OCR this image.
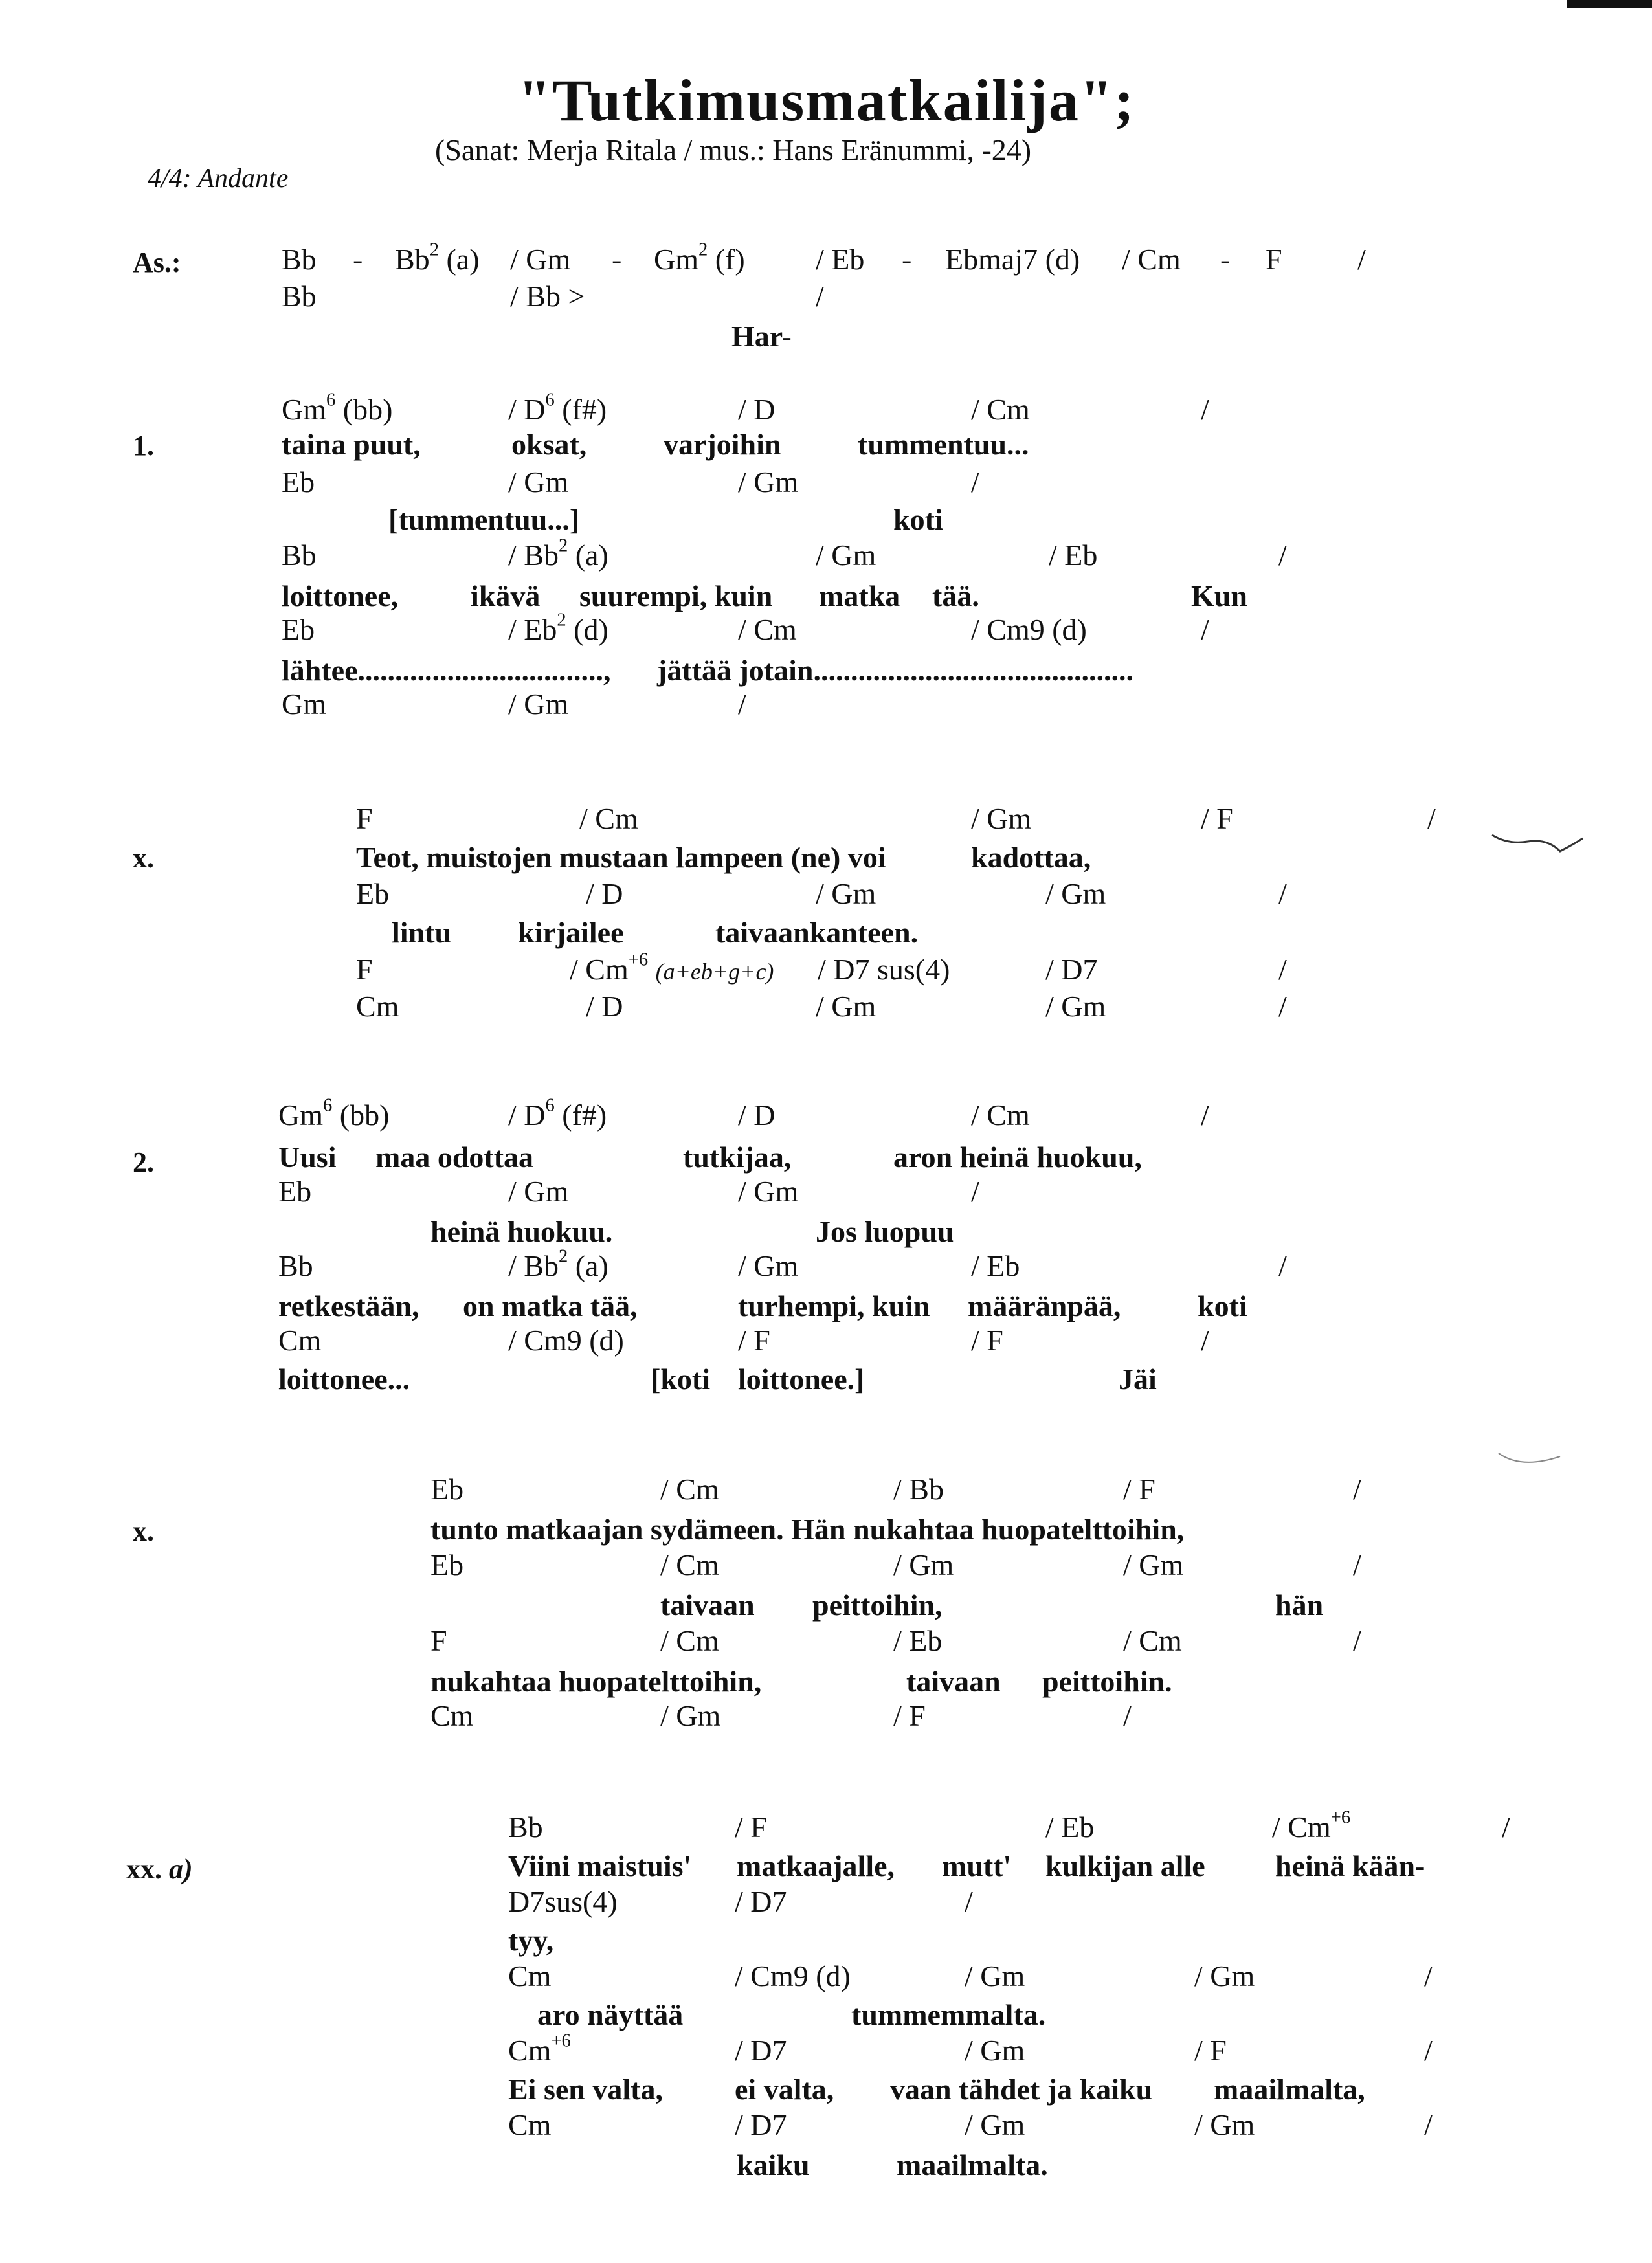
"Tutkimusmatkailija";
(Sanat: Merja Ritala / mus.: Hans Eränummi, -24)
4/4: Andante
As.:	Bb - Bb$^2$ (a) / Gm - Gm$^2$ (f) / Eb - Ebmaj7 (d) / Cm - F	/
Bb	/ Bb >	/
Har-
1.
Gm$^6$ (bb)	/ $D^6$ (f#)	/ D	/ Cm	/
taina puut,	oksat,	varjoihin	tummentuu...
Eb	/ Gm	/ Gm	/
[tummentuu...]	koti
Bb	/ Bb$^2$ (a)	/ Gm	/ Eb	/
loittonee, ikävä suurempi, kuin matka tää.	Kun
Eb	/ Eb$^2$ (d)	/ Cm	/ Cm9 (d)	/
lähtee................................., jättää jotain...........................................
Gm	/ Gm	/
x.
F	/ Cm	/ Gm	/ F	/
Teot, muistojen mustaan lampeen (ne) voi	kadottaa,
Eb	/ D	/ Gm	/ Gm	/
lintu kirjailee	taivaankanteen.
F	/ $Cm^{+6}$ (a+eb+g+c) / D7 sus(4)	/ D7	/
Cm	/ D	/ Gm	/ Gm	/
2.
Gm$^6$ (bb)	/ $D^6$ (f#)	/ D	/ Cm	/
Uusi maa odottaa	tutkijaa,	aron heinä huokuu,
Eb	/ Gm	/ Gm	/
heinä huokuu.	Jos luopuu
Bb	/ Bb$^2$ (a)	/ Gm	/ Eb	/
retkestään, on matka tää,	turhempi, kuin määränpää,	koti
Cm	/ Cm9 (d)	/ F	/ F	/
loittonee...	[koti loittonee.]	Jäi
x.
Eb	/ Cm	/ Bb	/ F	/
tunto matkaajan sydämeen. Hän nukahtaa huopatelttoihin,
Eb	/ Cm	/ Gm	/ Gm	/
taivaan peittoihin,	hän
F	/ Cm	/ Eb	/ Cm	/
nukahtaa huopatelttoihin,	taivaan peittoihin.
Cm	/ Gm	/ F	/
xx. a)
Bb	/ F	/ Eb	/ $Cm^{+6}$	/
Viini maistuis' matkaajalle, mutt' kulkijan alle heinä kään-
D7sus(4)	/ D7	/
tyy,
Cm	/ Cm9 (d)	/ Gm	/ Gm	/
aro näyttää	tummemmalta.
$Cm^{+6}$	/ D7	/ Gm	/ F	/
Ei sen valta, ei valta, vaan tähdet ja kaiku maailmalta,
Cm	/ D7	/ Gm	/ Gm	/
kaiku	maailmalta.
